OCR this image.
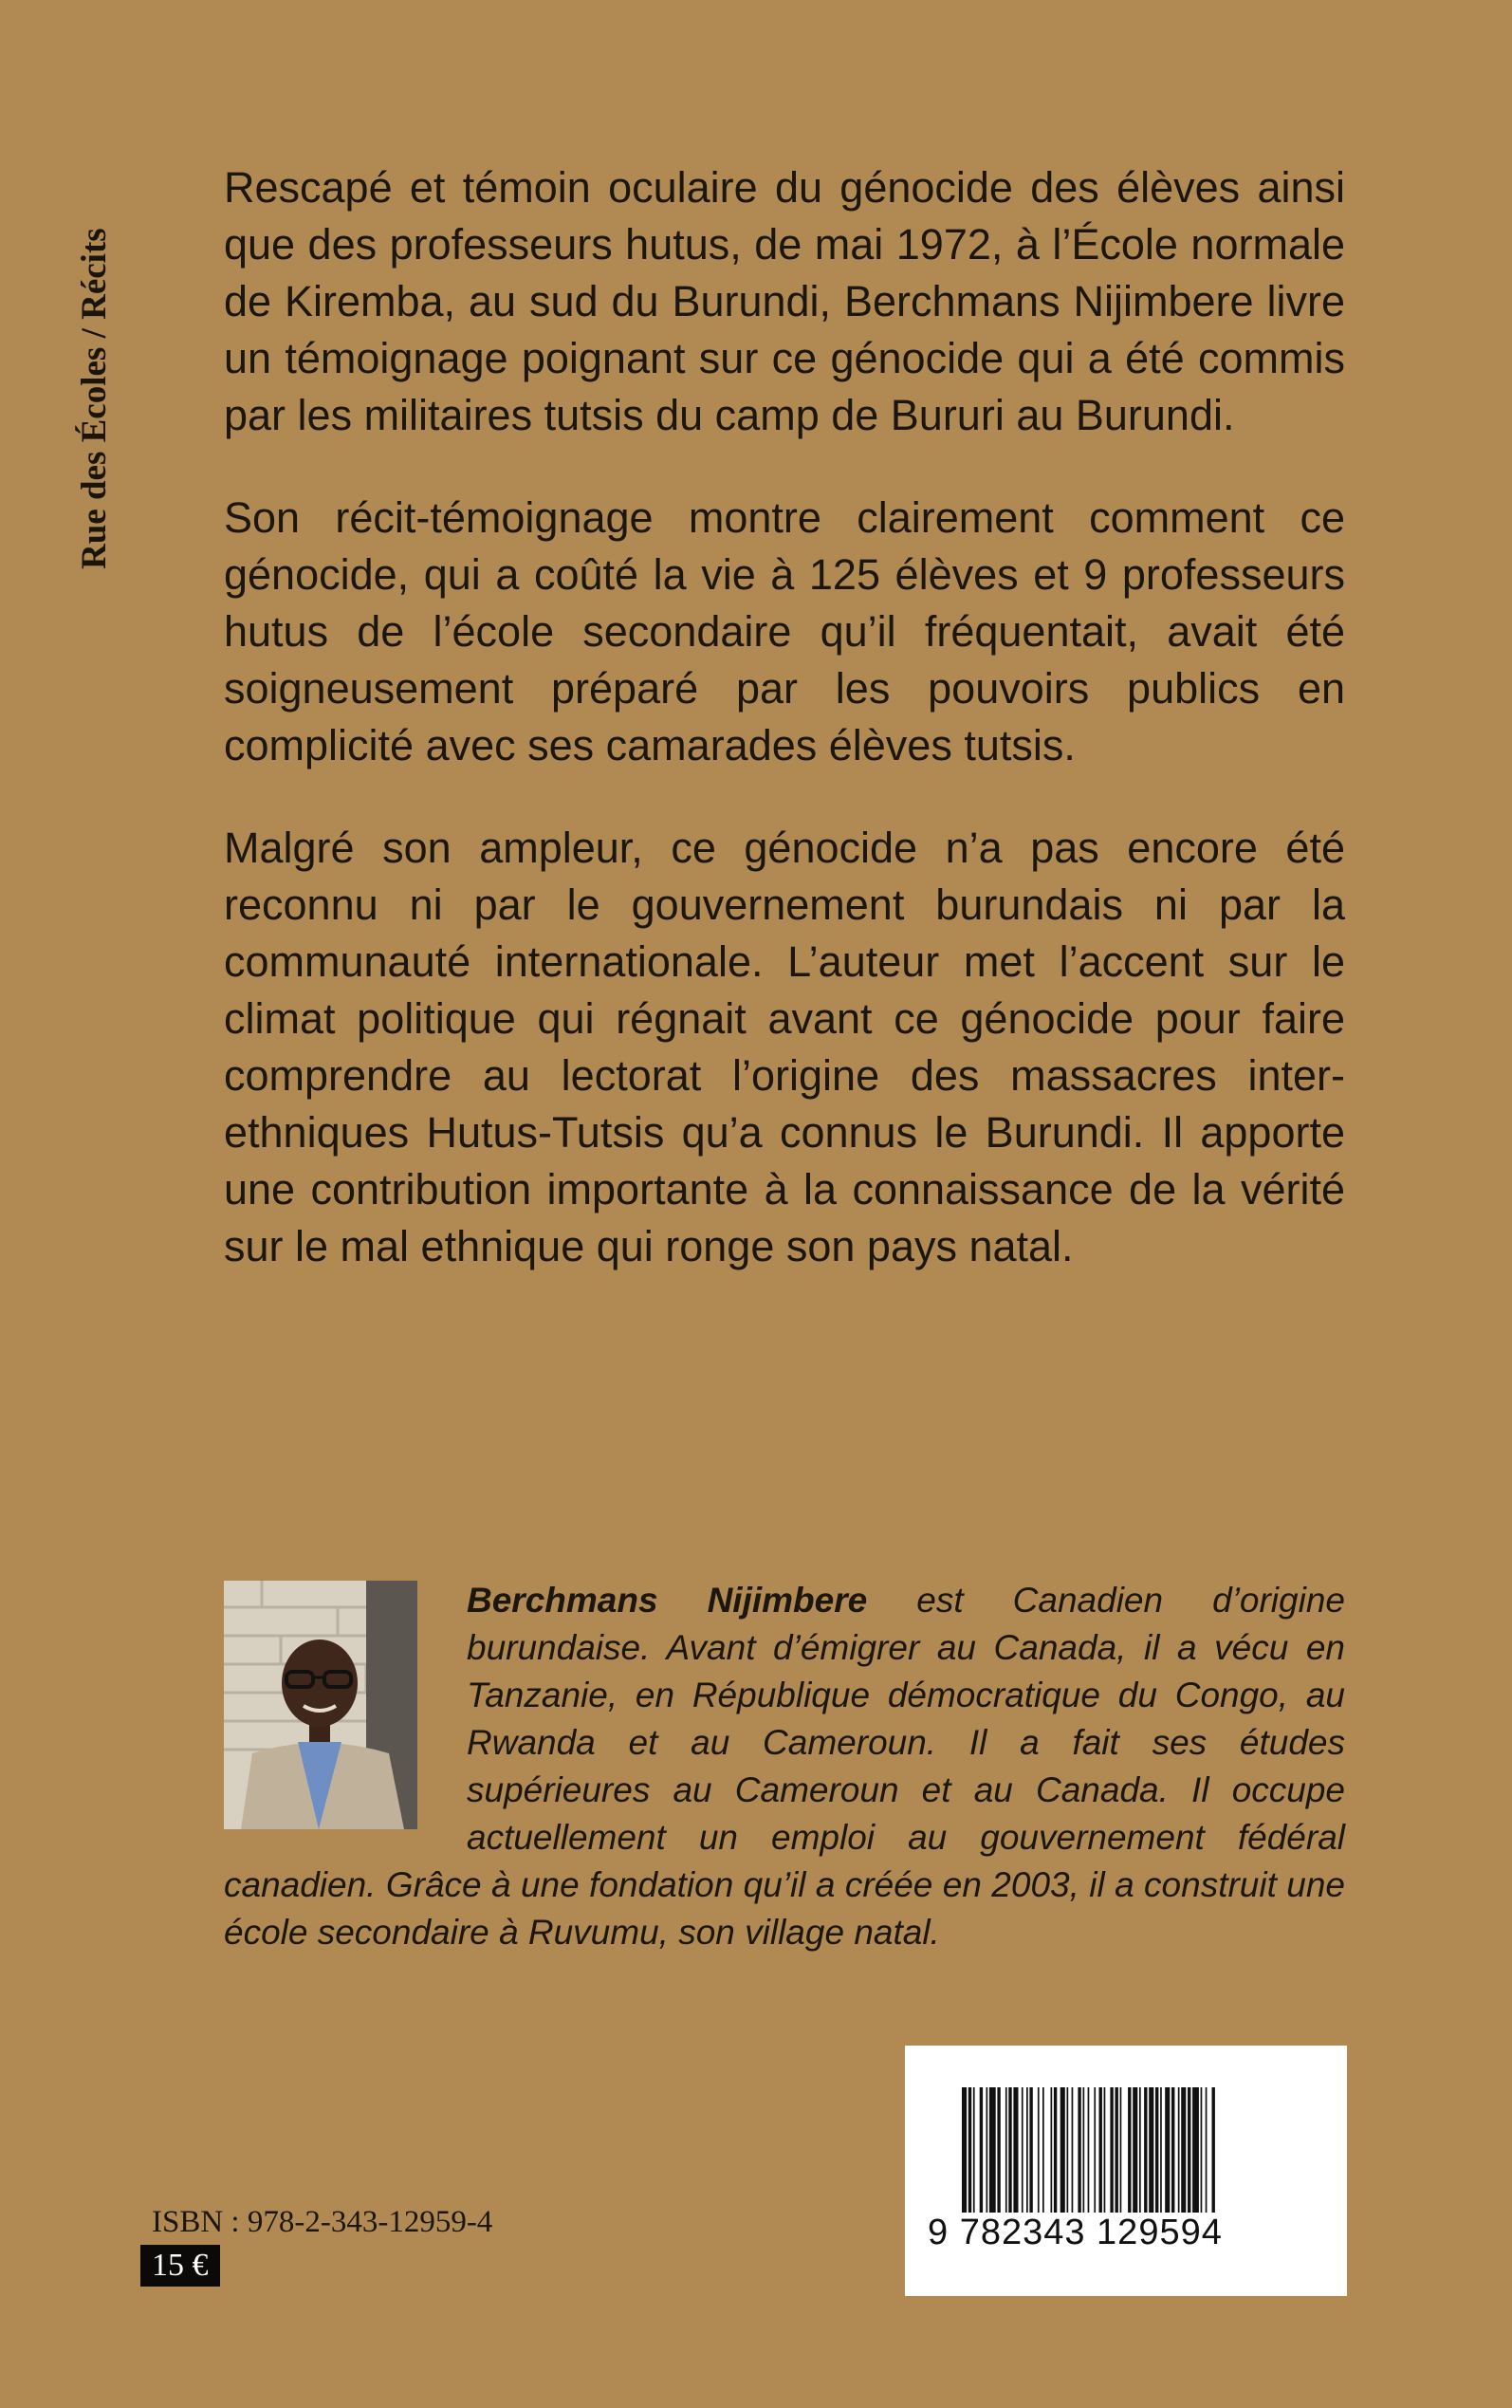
Rue des Écoles / Récits

Rescapé et témoin oculaire du génocide des élèves ainsi que des professeurs hutus, de mai 1972, à l’École normale de Kiremba, au sud du Burundi, Berchmans Nijimbere livre un témoignage poignant sur ce génocide qui a été commis par les militaires tutsis du camp de Bururi au Burundi.

Son récit-témoignage montre clairement comment ce génocide, qui a coûté la vie à 125 élèves et 9 professeurs hutus de l’école secondaire qu’il fréquentait, avait été soigneusement préparé par les pouvoirs publics en complicité avec ses camarades élèves tutsis.

Malgré son ampleur, ce génocide n’a pas encore été reconnu ni par le gouvernement burundais ni par la communauté internationale. L’auteur met l’accent sur le climat politique qui régnait avant ce génocide pour faire comprendre au lectorat l’origine des massacres inter-ethniques Hutus-Tutsis qu’a connus le Burundi. Il apporte une contribution importante à la connaissance de la vérité sur le mal ethnique qui ronge son pays natal.

Berchmans Nijimbere est Canadien d’origine burundaise. Avant d’émigrer au Canada, il a vécu en Tanzanie, en République démocratique du Congo, au Rwanda et au Cameroun. Il a fait ses études supérieures au Cameroun et au Canada. Il occupe actuellement un emploi au gouvernement fédéral canadien. Grâce à une fondation qu’il a créée en 2003, il a construit une école secondaire à Ruvumu, son village natal.
9 782343 129594
ISBN : 978-2-343-12959-4
15 €
